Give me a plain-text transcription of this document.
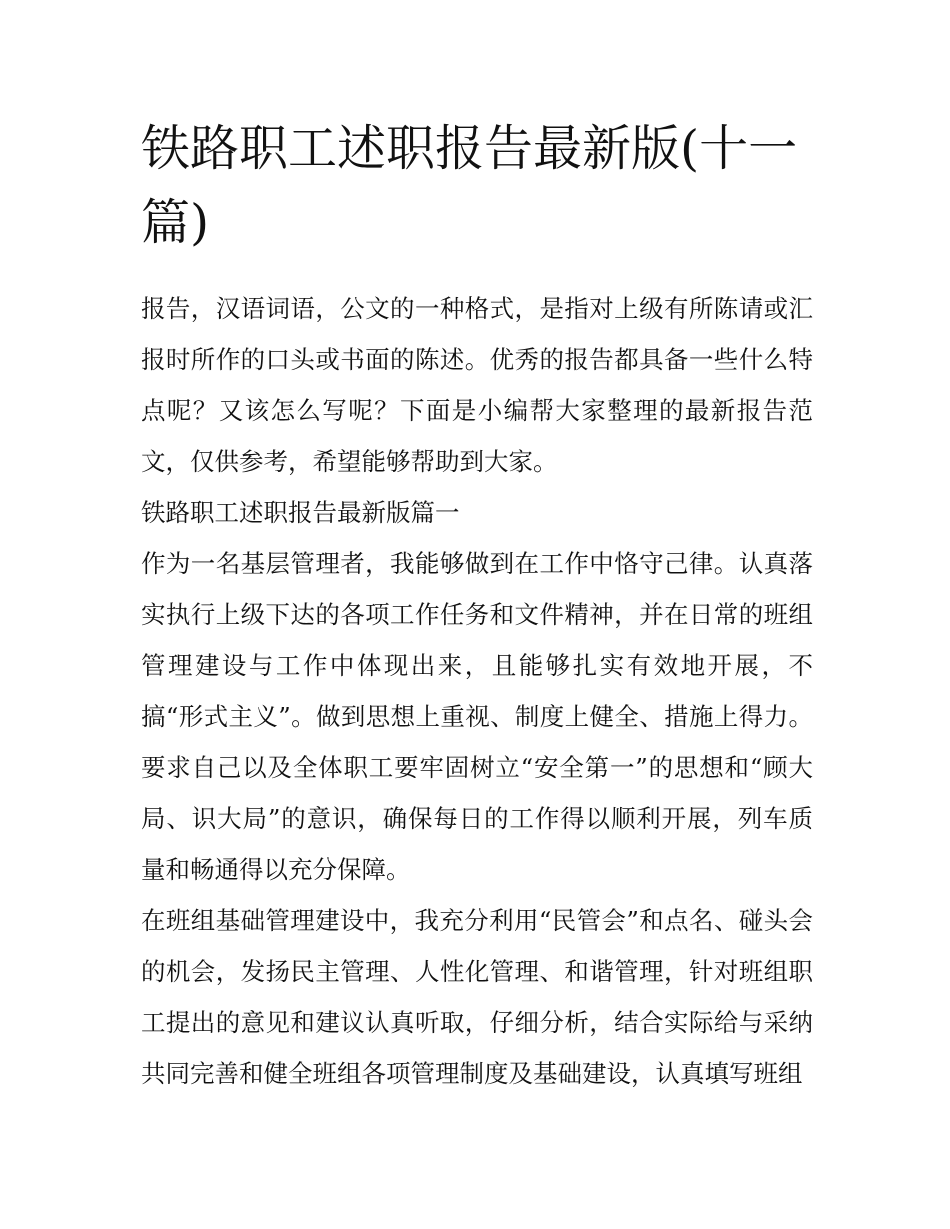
铁路职工述职报告最新版(十一篇)

报告，汉语词语，公文的一种格式，是指对上级有所陈请或汇报时所作的口头或书面的陈述。优秀的报告都具备一些什么特点呢？又该怎么写呢？下面是小编帮大家整理的最新报告范文，仅供参考，希望能够帮助到大家。

铁路职工述职报告最新版篇一

作为一名基层管理者，我能够做到在工作中恪守己律。认真落实执行上级下达的各项工作任务和文件精神，并在日常的班组管理建设与工作中体现出来，且能够扎实有效地开展，不搞“形式主义”。做到思想上重视、制度上健全、措施上得力。要求自己以及全体职工要牢固树立“安全第一”的思想和“顾大局、识大局”的意识，确保每日的工作得以顺利开展，列车质量和畅通得以充分保障。

在班组基础管理建设中，我充分利用“民管会”和点名、碰头会的机会，发扬民主管理、人性化管理、和谐管理，针对班组职工提出的意见和建议认真听取，仔细分析，结合实际给与采纳共同完善和健全班组各项管理制度及基础建设，认真填写班组
